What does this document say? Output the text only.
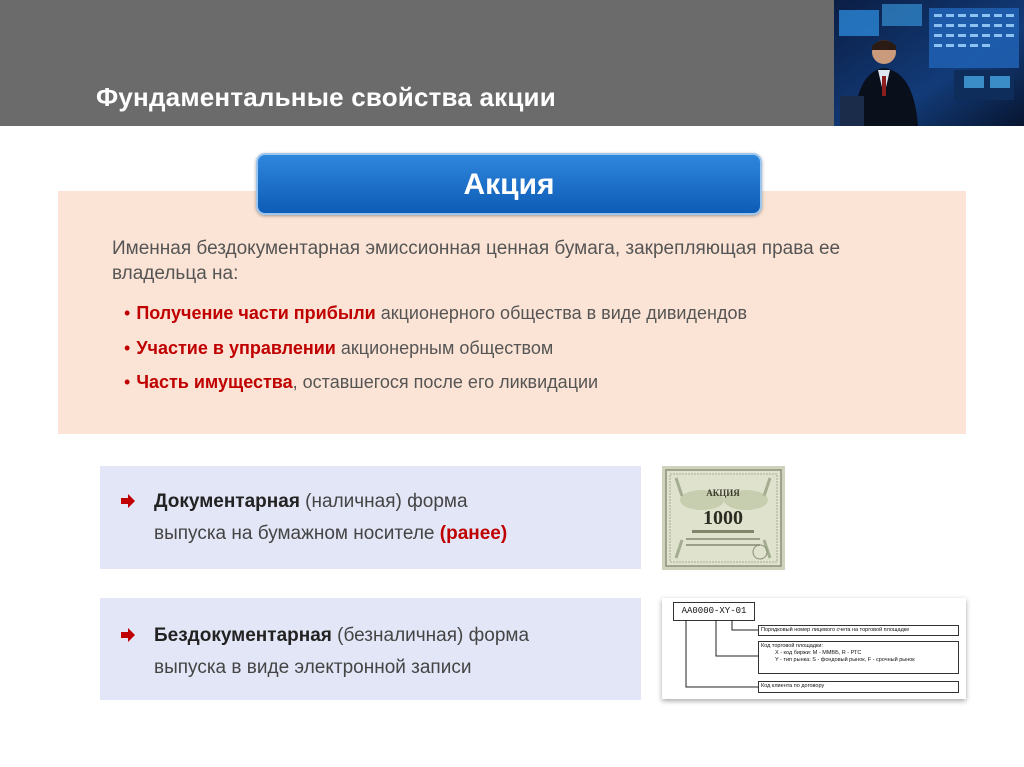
Фундаментальные свойства акции
Акция
Именная бездокументарная эмиссионная ценная бумага, закрепляющая права ее владельца на:
• Получение части прибыли акционерного общества в виде дивидендов
• Участие в управлении акционерным обществом
• Часть имущества, оставшегося после его ликвидации
Документарная (наличная) форма
выпуска на бумажном носителе (ранее)
АКЦИЯ
1000
Бездокументарная (безналичная) форма
выпуска в виде электронной записи
АА0000-XY-01
Порядковый номер лицевого счета на торговой площадке
Код торговой площадки:
X - код биржи: М - ММВБ, R - РТС
Y - тип рынка: S - фондовый рынок, F - срочный рынок
Код клиента по договору
